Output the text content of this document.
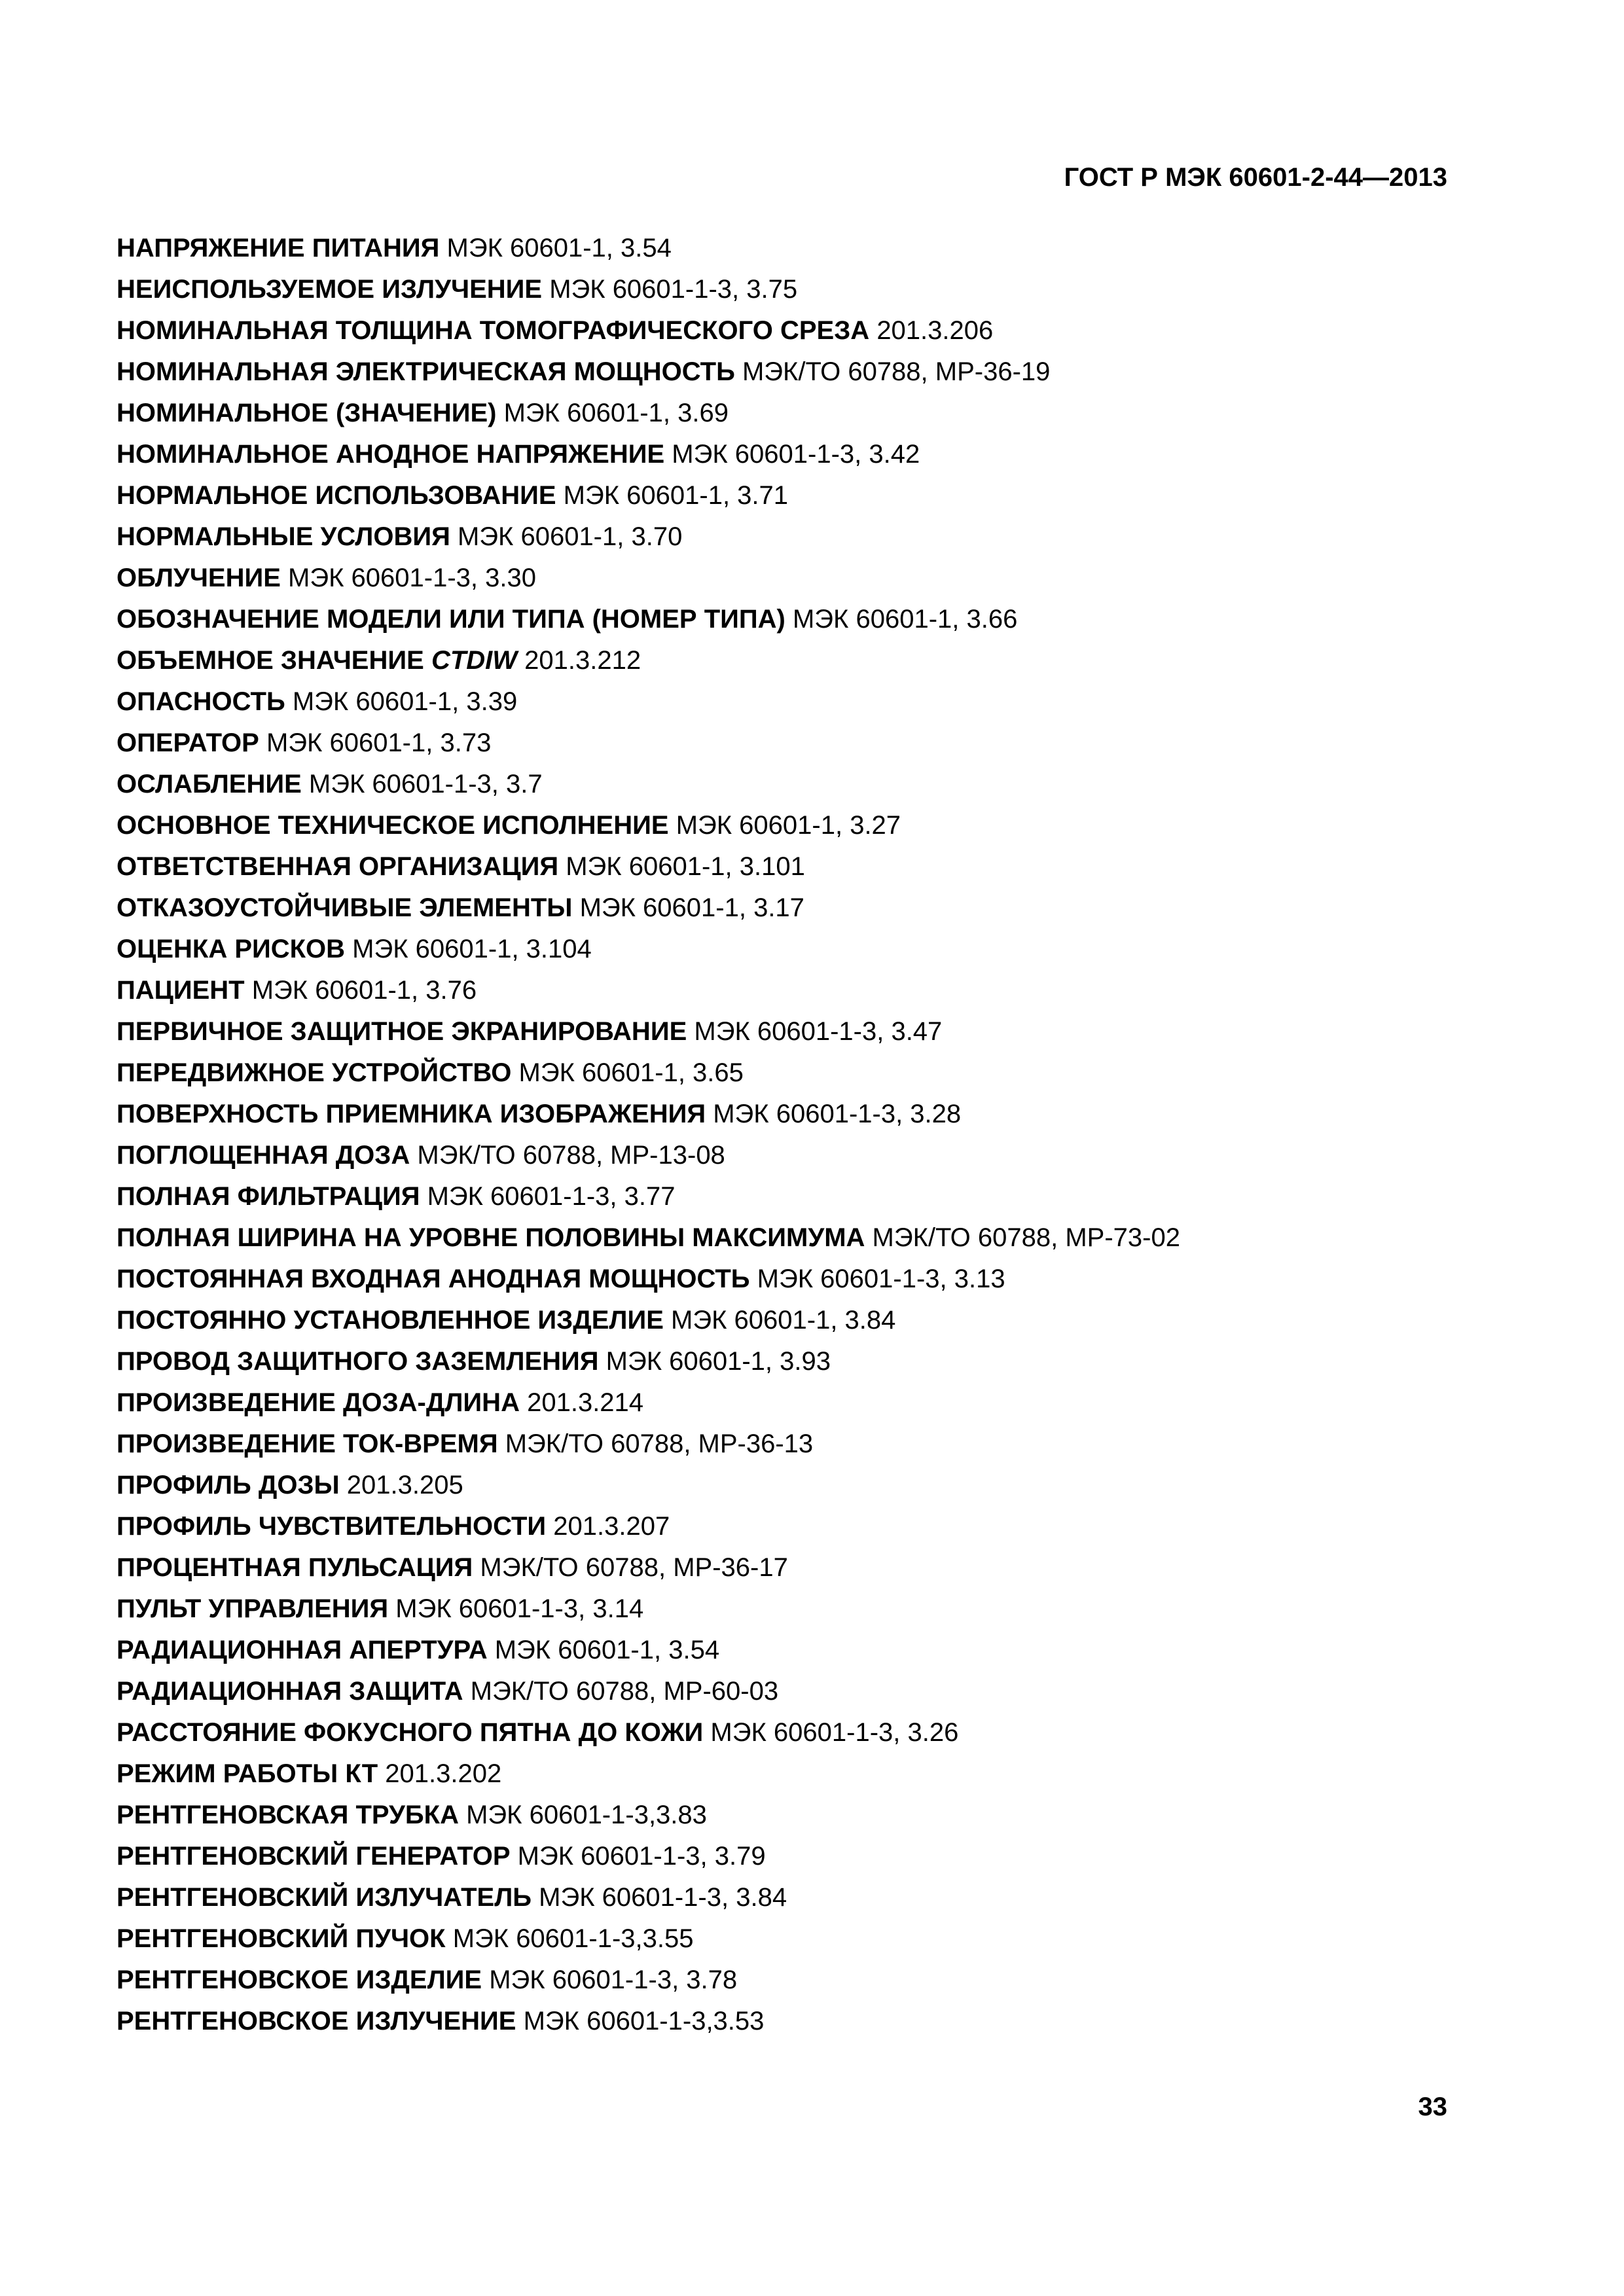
ГОСТ Р МЭК 60601-2-44—2013
НАПРЯЖЕНИЕ ПИТАНИЯ МЭК 60601-1, 3.54
НЕИСПОЛЬЗУЕМОЕ ИЗЛУЧЕНИЕ МЭК 60601-1-3, 3.75
НОМИНАЛЬНАЯ ТОЛЩИНА ТОМОГРАФИЧЕСКОГО СРЕЗА 201.3.206
НОМИНАЛЬНАЯ ЭЛЕКТРИЧЕСКАЯ МОЩНОСТЬ МЭК/ТО 60788, МР-36-19
НОМИНАЛЬНОЕ (ЗНАЧЕНИЕ) МЭК 60601-1, 3.69
НОМИНАЛЬНОЕ АНОДНОЕ НАПРЯЖЕНИЕ МЭК 60601-1-3, 3.42
НОРМАЛЬНОЕ ИСПОЛЬЗОВАНИЕ МЭК 60601-1, 3.71
НОРМАЛЬНЫЕ УСЛОВИЯ МЭК 60601-1, 3.70
ОБЛУЧЕНИЕ МЭК 60601-1-3, 3.30
ОБОЗНАЧЕНИЕ МОДЕЛИ ИЛИ ТИПА (НОМЕР ТИПА) МЭК 60601-1, 3.66
ОБЪЕМНОЕ ЗНАЧЕНИЕ CTDIW 201.3.212
ОПАСНОСТЬ МЭК 60601-1, 3.39
ОПЕРАТОР МЭК 60601-1, 3.73
ОСЛАБЛЕНИЕ МЭК 60601-1-3, 3.7
ОСНОВНОЕ ТЕХНИЧЕСКОЕ ИСПОЛНЕНИЕ МЭК 60601-1, 3.27
ОТВЕТСТВЕННАЯ ОРГАНИЗАЦИЯ МЭК 60601-1, 3.101
ОТКАЗОУСТОЙЧИВЫЕ ЭЛЕМЕНТЫ МЭК 60601-1, 3.17
ОЦЕНКА РИСКОВ МЭК 60601-1, 3.104
ПАЦИЕНТ МЭК 60601-1, 3.76
ПЕРВИЧНОЕ ЗАЩИТНОЕ ЭКРАНИРОВАНИЕ МЭК 60601-1-3, 3.47
ПЕРЕДВИЖНОЕ УСТРОЙСТВО МЭК 60601-1, 3.65
ПОВЕРХНОСТЬ ПРИЕМНИКА ИЗОБРАЖЕНИЯ МЭК 60601-1-3, 3.28
ПОГЛОЩЕННАЯ ДОЗА МЭК/ТО 60788, МР-13-08
ПОЛНАЯ ФИЛЬТРАЦИЯ МЭК 60601-1-3, 3.77
ПОЛНАЯ ШИРИНА НА УРОВНЕ ПОЛОВИНЫ МАКСИМУМА МЭК/ТО 60788, МР-73-02
ПОСТОЯННАЯ ВХОДНАЯ АНОДНАЯ МОЩНОСТЬ МЭК 60601-1-3, 3.13
ПОСТОЯННО УСТАНОВЛЕННОЕ ИЗДЕЛИЕ МЭК 60601-1, 3.84
ПРОВОД ЗАЩИТНОГО ЗАЗЕМЛЕНИЯ МЭК 60601-1, 3.93
ПРОИЗВЕДЕНИЕ ДОЗА-ДЛИНА 201.3.214
ПРОИЗВЕДЕНИЕ ТОК-ВРЕМЯ МЭК/ТО 60788, МР-36-13
ПРОФИЛЬ ДОЗЫ 201.3.205
ПРОФИЛЬ ЧУВСТВИТЕЛЬНОСТИ 201.3.207
ПРОЦЕНТНАЯ ПУЛЬСАЦИЯ МЭК/ТО 60788, МР-36-17
ПУЛЬТ УПРАВЛЕНИЯ МЭК 60601-1-3, 3.14
РАДИАЦИОННАЯ АПЕРТУРА МЭК 60601-1, 3.54
РАДИАЦИОННАЯ ЗАЩИТА МЭК/ТО 60788, МР-60-03
РАССТОЯНИЕ ФОКУСНОГО ПЯТНА ДО КОЖИ МЭК 60601-1-3, 3.26
РЕЖИМ РАБОТЫ КТ 201.3.202
РЕНТГЕНОВСКАЯ ТРУБКА МЭК 60601-1-3,3.83
РЕНТГЕНОВСКИЙ ГЕНЕРАТОР МЭК 60601-1-3, 3.79
РЕНТГЕНОВСКИЙ ИЗЛУЧАТЕЛЬ МЭК 60601-1-3, 3.84
РЕНТГЕНОВСКИЙ ПУЧОК МЭК 60601-1-3,3.55
РЕНТГЕНОВСКОЕ ИЗДЕЛИЕ МЭК 60601-1-3, 3.78
РЕНТГЕНОВСКОЕ ИЗЛУЧЕНИЕ МЭК 60601-1-3,3.53
33
